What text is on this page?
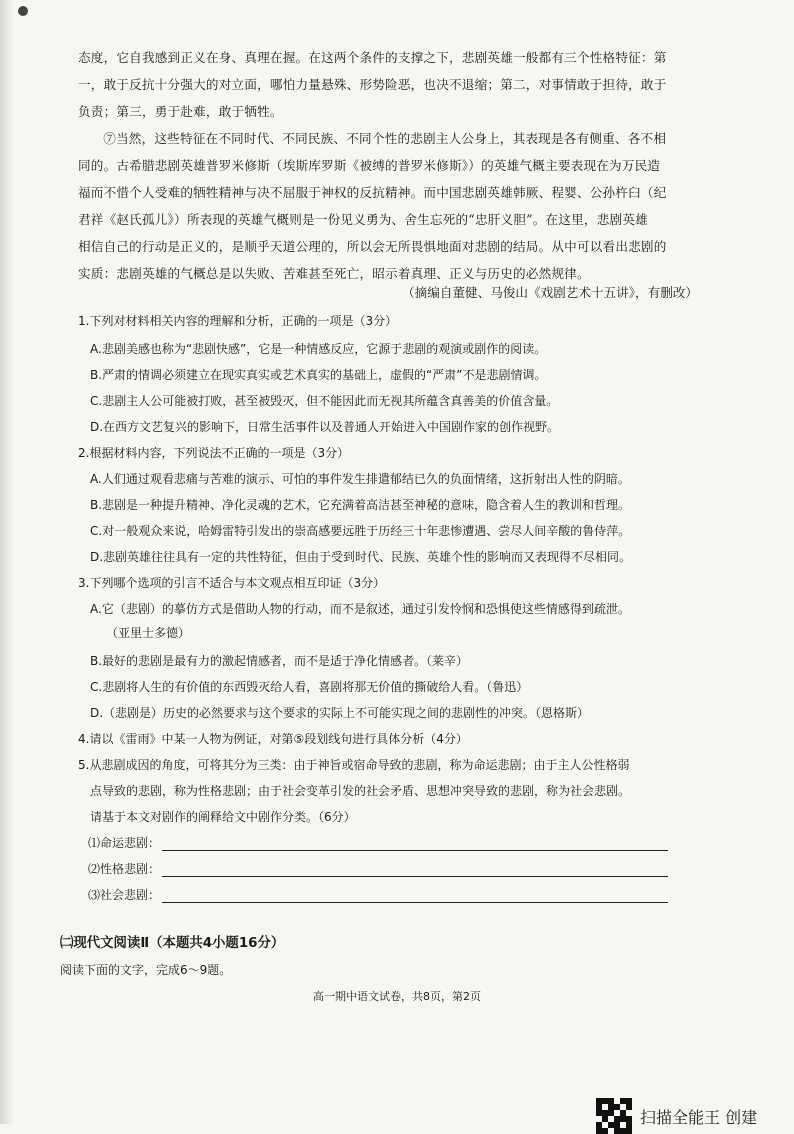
态度，它自我感到正义在身、真理在握。在这两个条件的支撑之下，悲剧英雄一般都有三个性格特征：第

一，敢于反抗十分强大的对立面，哪怕力量悬殊、形势险恶，也决不退缩；第二，对事情敢于担待，敢于

负责；第三，勇于赴难，敢于牺牲。

⑦当然，这些特征在不同时代、不同民族、不同个性的悲剧主人公身上，其表现是各有侧重、各不相

同的。古希腊悲剧英雄普罗米修斯（埃斯库罗斯《被缚的普罗米修斯》）的英雄气概主要表现在为万民造

福而不惜个人受难的牺牲精神与决不屈服于神权的反抗精神。而中国悲剧英雄韩厥、程婴、公孙杵臼（纪

君祥《赵氏孤儿》）所表现的英雄气概则是一份见义勇为、舍生忘死的“忠肝义胆”。在这里，悲剧英雄

相信自己的行动是正义的，是顺乎天道公理的，所以会无所畏惧地面对悲剧的结局。从中可以看出悲剧的

实质：悲剧英雄的气概总是以失败、苦难甚至死亡，昭示着真理、正义与历史的必然规律。

（摘编自董健、马俊山《戏剧艺术十五讲》，有删改）
1.下列对材料相关内容的理解和分析，正确的一项是（3分）
A.悲剧美感也称为“悲剧快感”，它是一种情感反应，它源于悲剧的观演或剧作的阅读。
B.严肃的情调必须建立在现实真实或艺术真实的基础上，虚假的“严肃”不是悲剧情调。
C.悲剧主人公可能被打败，甚至被毁灭，但不能因此而无视其所蕴含真善美的价值含量。
D.在西方文艺复兴的影响下，日常生活事件以及普通人开始进入中国剧作家的创作视野。
2.根据材料内容，下列说法不正确的一项是（3分）
A.人们通过观看悲痛与苦难的演示、可怕的事件发生排遣郁结已久的负面情绪，这折射出人性的阴暗。
B.悲剧是一种提升精神、净化灵魂的艺术，它充满着高洁甚至神秘的意味，隐含着人生的教训和哲理。
C.对一般观众来说，哈姆雷特引发出的崇高感要远胜于历经三十年悲惨遭遇、尝尽人间辛酸的鲁侍萍。
D.悲剧英雄往往具有一定的共性特征，但由于受到时代、民族、英雄个性的影响而又表现得不尽相同。
3.下列哪个选项的引言不适合与本文观点相互印证（3分）
A.它（悲剧）的摹仿方式是借助人物的行动，而不是叙述，通过引发怜悯和恐惧使这些情感得到疏泄。
（亚里士多德）
B.最好的悲剧是最有力的激起情感者，而不是适于净化情感者。（莱辛）
C.悲剧将人生的有价值的东西毁灭给人看，喜剧将那无价值的撕破给人看。（鲁迅）
D.（悲剧是）历史的必然要求与这个要求的实际上不可能实现之间的悲剧性的冲突。（恩格斯）
4.请以《雷雨》中某一人物为例证，对第⑤段划线句进行具体分析（4分）
5.从悲剧成因的角度，可将其分为三类：由于神旨或宿命导致的悲剧，称为命运悲剧；由于主人公性格弱
点导致的悲剧，称为性格悲剧；由于社会变革引发的社会矛盾、思想冲突导致的悲剧，称为社会悲剧。
请基于本文对剧作的阐释给文中剧作分类。（6分）
⑴命运悲剧：
⑵性格悲剧：
⑶社会悲剧：
㈡现代文阅读Ⅱ（本题共4小题16分）
阅读下面的文字，完成6～9题。
高一期中语文试卷，共8页，第2页
扫描全能王 创建
